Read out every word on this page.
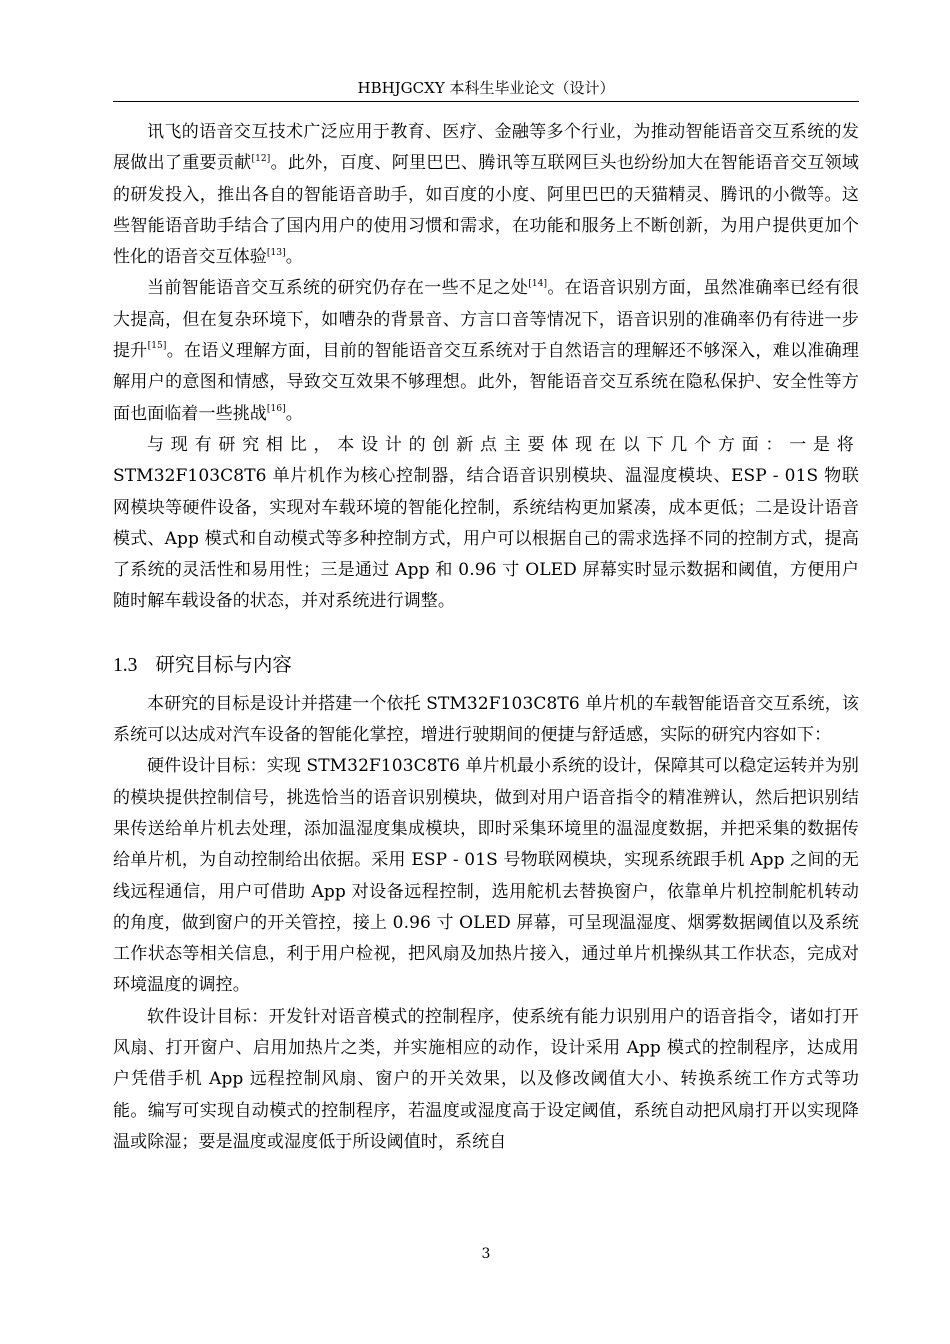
HBHJGCXY 本科生毕业论文（设计）

讯飞的语音交互技术广泛应用于教育、医疗、金融等多个行业，为推动智能语音交互系统的发展做出了重要贡献[12]。此外，百度、阿里巴巴、腾讯等互联网巨头也纷纷加大在智能语音交互领域的研发投入，推出各自的智能语音助手，如百度的小度、阿里巴巴的天猫精灵、腾讯的小微等。这些智能语音助手结合了国内用户的使用习惯和需求，在功能和服务上不断创新，为用户提供更加个性化的语音交互体验[13]。

当前智能语音交互系统的研究仍存在一些不足之处[14]。在语音识别方面，虽然准确率已经有很大提高，但在复杂环境下，如嘈杂的背景音、方言口音等情况下，语音识别的准确率仍有待进一步提升[15]。在语义理解方面，目前的智能语音交互系统对于自然语言的理解还不够深入，难以准确理解用户的意图和情感，导致交互效果不够理想。此外，智能语音交互系统在隐私保护、安全性等方面也面临着一些挑战[16]。

与现有研究相比，本设计的创新点主要体现在以下几个方面：一是将STM32F103C8T6 单片机作为核心控制器，结合语音识别模块、温湿度模块、ESP - 01S 物联网模块等硬件设备，实现对车载环境的智能化控制，系统结构更加紧凑，成本更低；二是设计语音模式、App 模式和自动模式等多种控制方式，用户可以根据自己的需求选择不同的控制方式，提高了系统的灵活性和易用性；三是通过 App 和 0.96 寸 OLED 屏幕实时显示数据和阈值，方便用户随时解车载设备的状态，并对系统进行调整。

1.3 研究目标与内容

本研究的目标是设计并搭建一个依托 STM32F103C8T6 单片机的车载智能语音交互系统，该系统可以达成对汽车设备的智能化掌控，增进行驶期间的便捷与舒适感，实际的研究内容如下：

硬件设计目标：实现 STM32F103C8T6 单片机最小系统的设计，保障其可以稳定运转并为别的模块提供控制信号，挑选恰当的语音识别模块，做到对用户语音指令的精准辨认，然后把识别结果传送给单片机去处理，添加温湿度集成模块，即时采集环境里的温湿度数据，并把采集的数据传给单片机，为自动控制给出依据。采用 ESP - 01S 号物联网模块，实现系统跟手机 App 之间的无线远程通信，用户可借助 App 对设备远程控制，选用舵机去替换窗户，依靠单片机控制舵机转动的角度，做到窗户的开关管控，接上 0.96 寸 OLED 屏幕，可呈现温湿度、烟雾数据阈值以及系统工作状态等相关信息，利于用户检视，把风扇及加热片接入，通过单片机操纵其工作状态，完成对环境温度的调控。

软件设计目标：开发针对语音模式的控制程序，使系统有能力识别用户的语音指令，诸如打开风扇、打开窗户、启用加热片之类，并实施相应的动作，设计采用 App 模式的控制程序，达成用户凭借手机 App 远程控制风扇、窗户的开关效果，以及修改阈值大小、转换系统工作方式等功能。编写可实现自动模式的控制程序，若温度或湿度高于设定阈值，系统自动把风扇打开以实现降温或除湿；要是温度或湿度低于所设阈值时，系统自

3
